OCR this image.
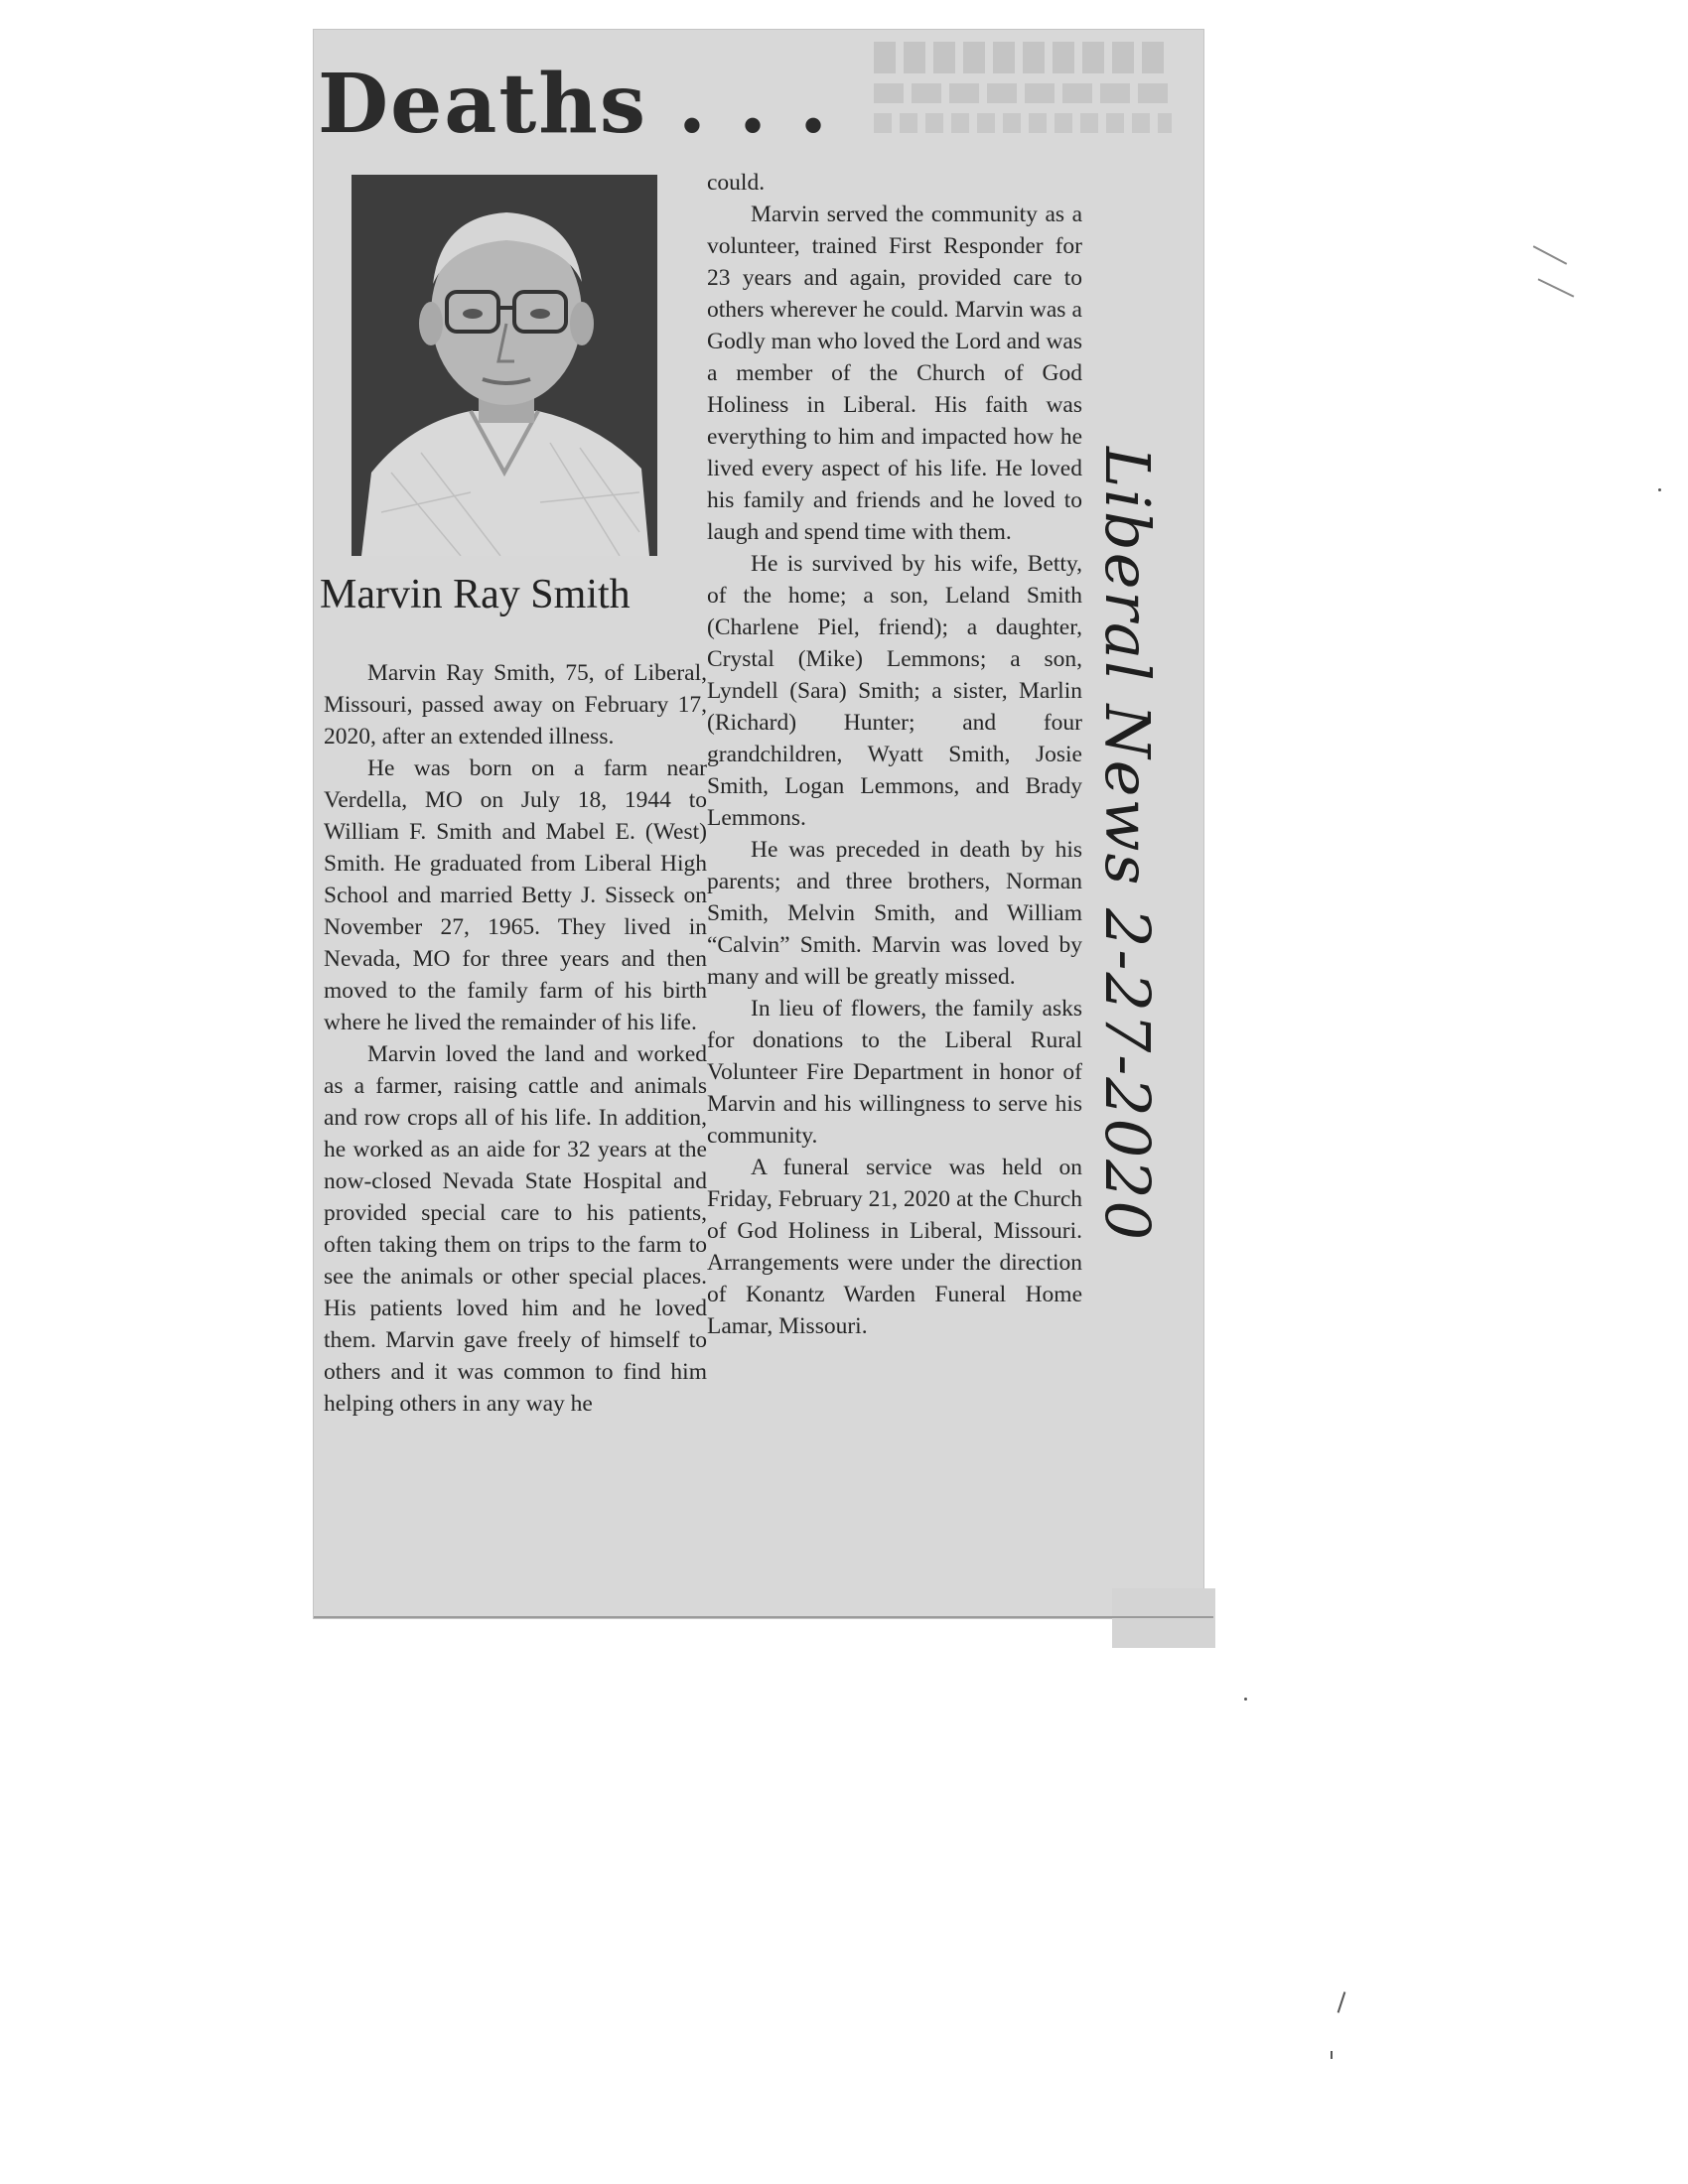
Deaths . . .
Marvin Ray Smith

Marvin Ray Smith, 75, of Liberal, Missouri, passed away on February 17, 2020, after an extended illness.

He was born on a farm near Verdella, MO on July 18, 1944 to William F. Smith and Mabel E. (West) Smith. He graduated from Liberal High School and married Betty J. Sisseck on November 27, 1965. They lived in Nevada, MO for three years and then moved to the family farm of his birth where he lived the remainder of his life.

Marvin loved the land and worked as a farmer, raising cattle and animals and row crops all of his life. In addition, he worked as an aide for 32 years at the now-closed Nevada State Hospital and provided special care to his patients, often taking them on trips to the farm to see the animals or other special places. His patients loved him and he loved them. Marvin gave freely of himself to others and it was common to find him helping others in any way he

could.

Marvin served the community as a volunteer, trained First Responder for 23 years and again, provided care to others wherever he could. Marvin was a Godly man who loved the Lord and was a member of the Church of God Holiness in Liberal. His faith was everything to him and impacted how he lived every aspect of his life. He loved his family and friends and he loved to laugh and spend time with them.

He is survived by his wife, Betty, of the home; a son, Leland Smith (Charlene Piel, friend); a daughter, Crystal (Mike) Lemmons; a son, Lyndell (Sara) Smith; a sister, Marlin (Richard) Hunter; and four grandchildren, Wyatt Smith, Josie Smith, Logan Lemmons, and Brady Lemmons.

He was preceded in death by his parents; and three brothers, Norman Smith, Melvin Smith, and William “Calvin” Smith. Marvin was loved by many and will be greatly missed.

In lieu of flowers, the family asks for donations to the Liberal Rural Volunteer Fire Department in honor of Marvin and his willingness to serve his community.

A funeral service was held on Friday, February 21, 2020 at the Church of God Holiness in Liberal, Missouri. Arrangements were under the direction of Konantz Warden Funeral Home Lamar, Missouri.

Liberal News 2-27-2020
